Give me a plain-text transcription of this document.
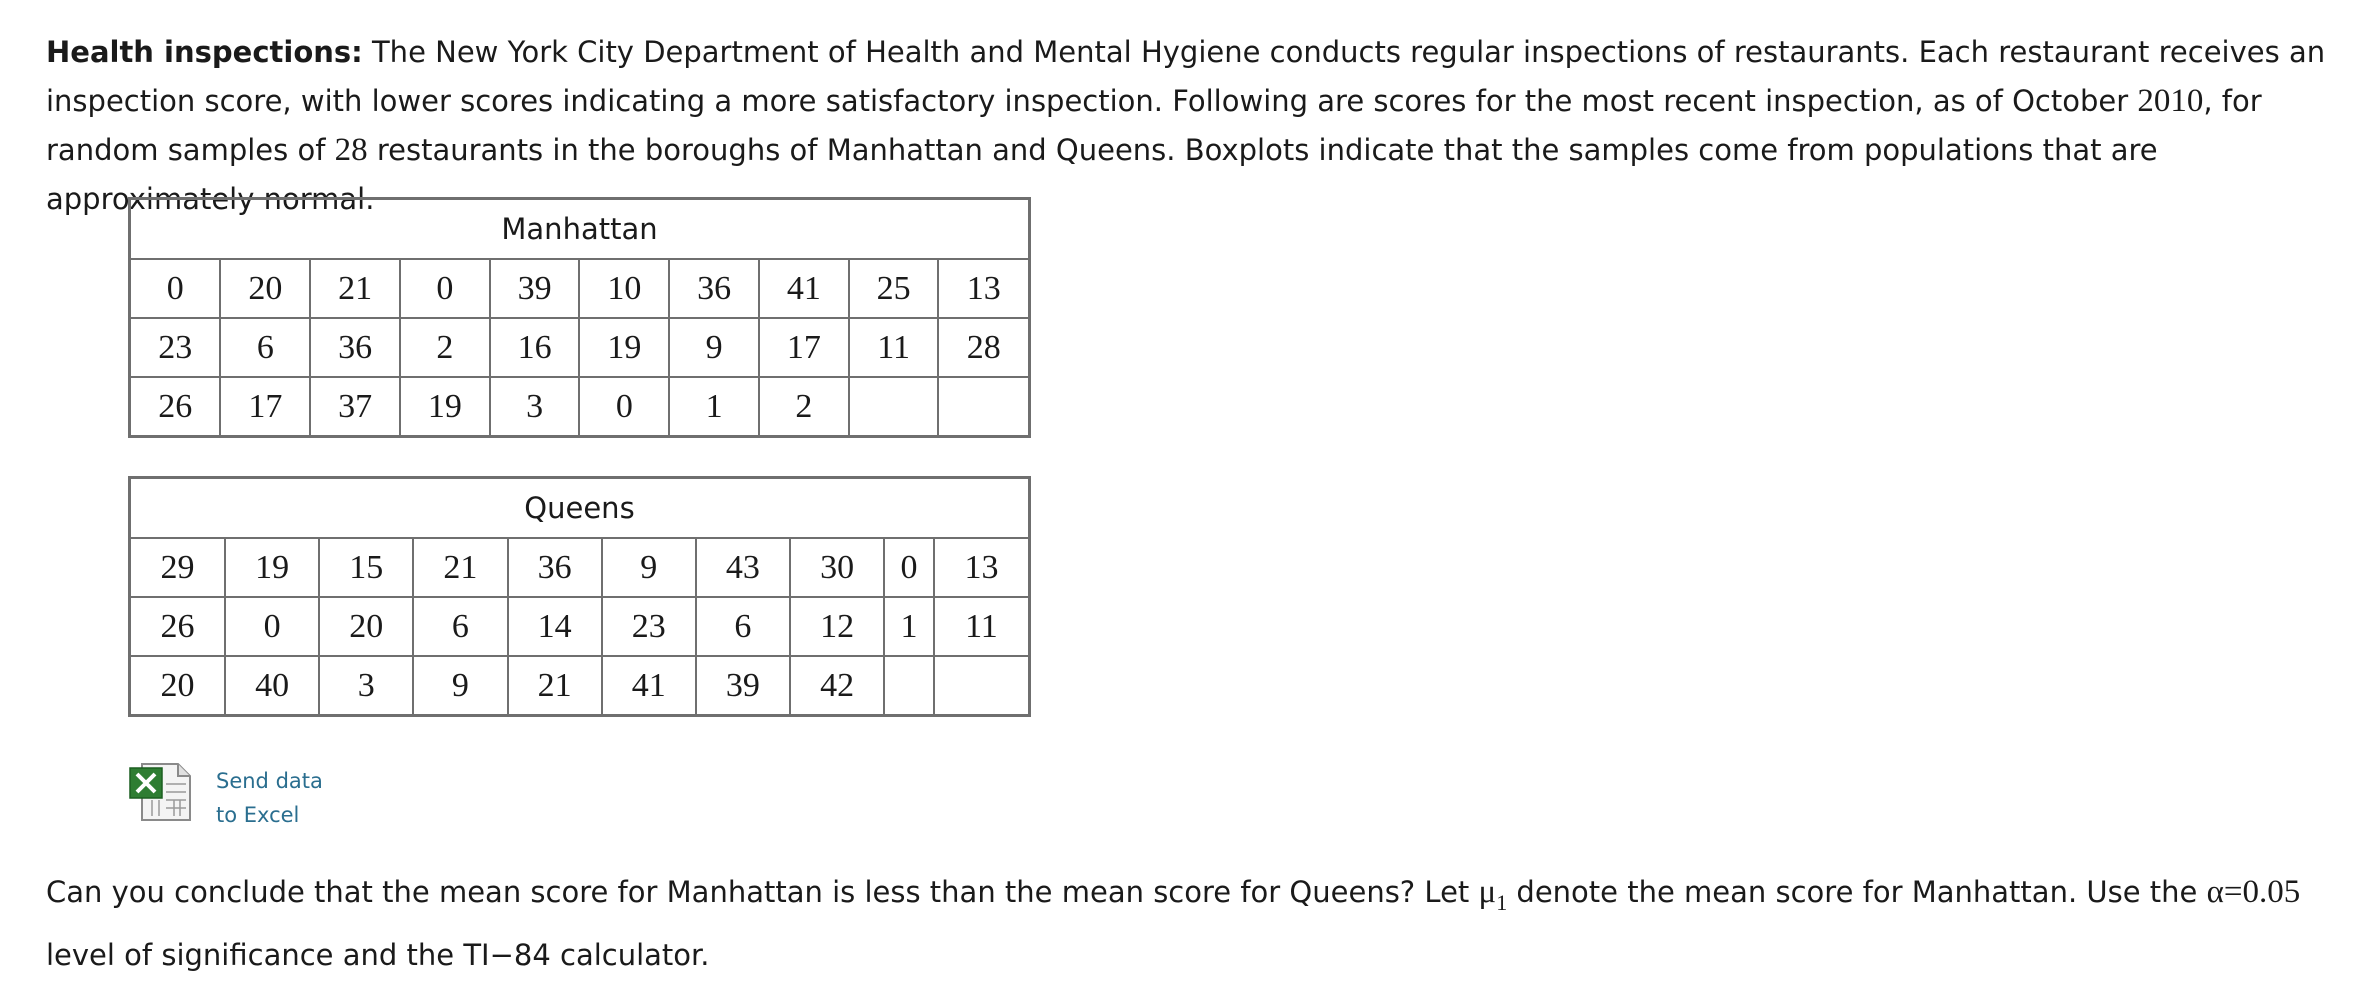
Health inspections: The New York City Department of Health and Mental Hygiene conducts regular inspections of restaurants. Each restaurant receives an inspection score, with lower scores indicating a more satisfactory inspection. Following are scores for the most recent inspection, as of October 2010, for random samples of 28 restaurants in the boroughs of Manhattan and Queens. Boxplots indicate that the samples come from populations that are approximately normal.
Manhattan									
0	20	21	0	39	10	36	41	25	13
23	6	36	2	16	19	9	17	11	28
26	17	37	19	3	0	1	2		
Queens									
29	19	15	21	36	9	43	30	0	13
26	0	20	6	14	23	6	12	1	11
20	40	3	9	21	41	39	42		
Send data
to Excel
Can you conclude that the mean score for Manhattan is less than the mean score for Queens? Let $\mu_1$ denote the mean score for Manhattan. Use the α=0.05 level of significance and the TI−84 calculator.
